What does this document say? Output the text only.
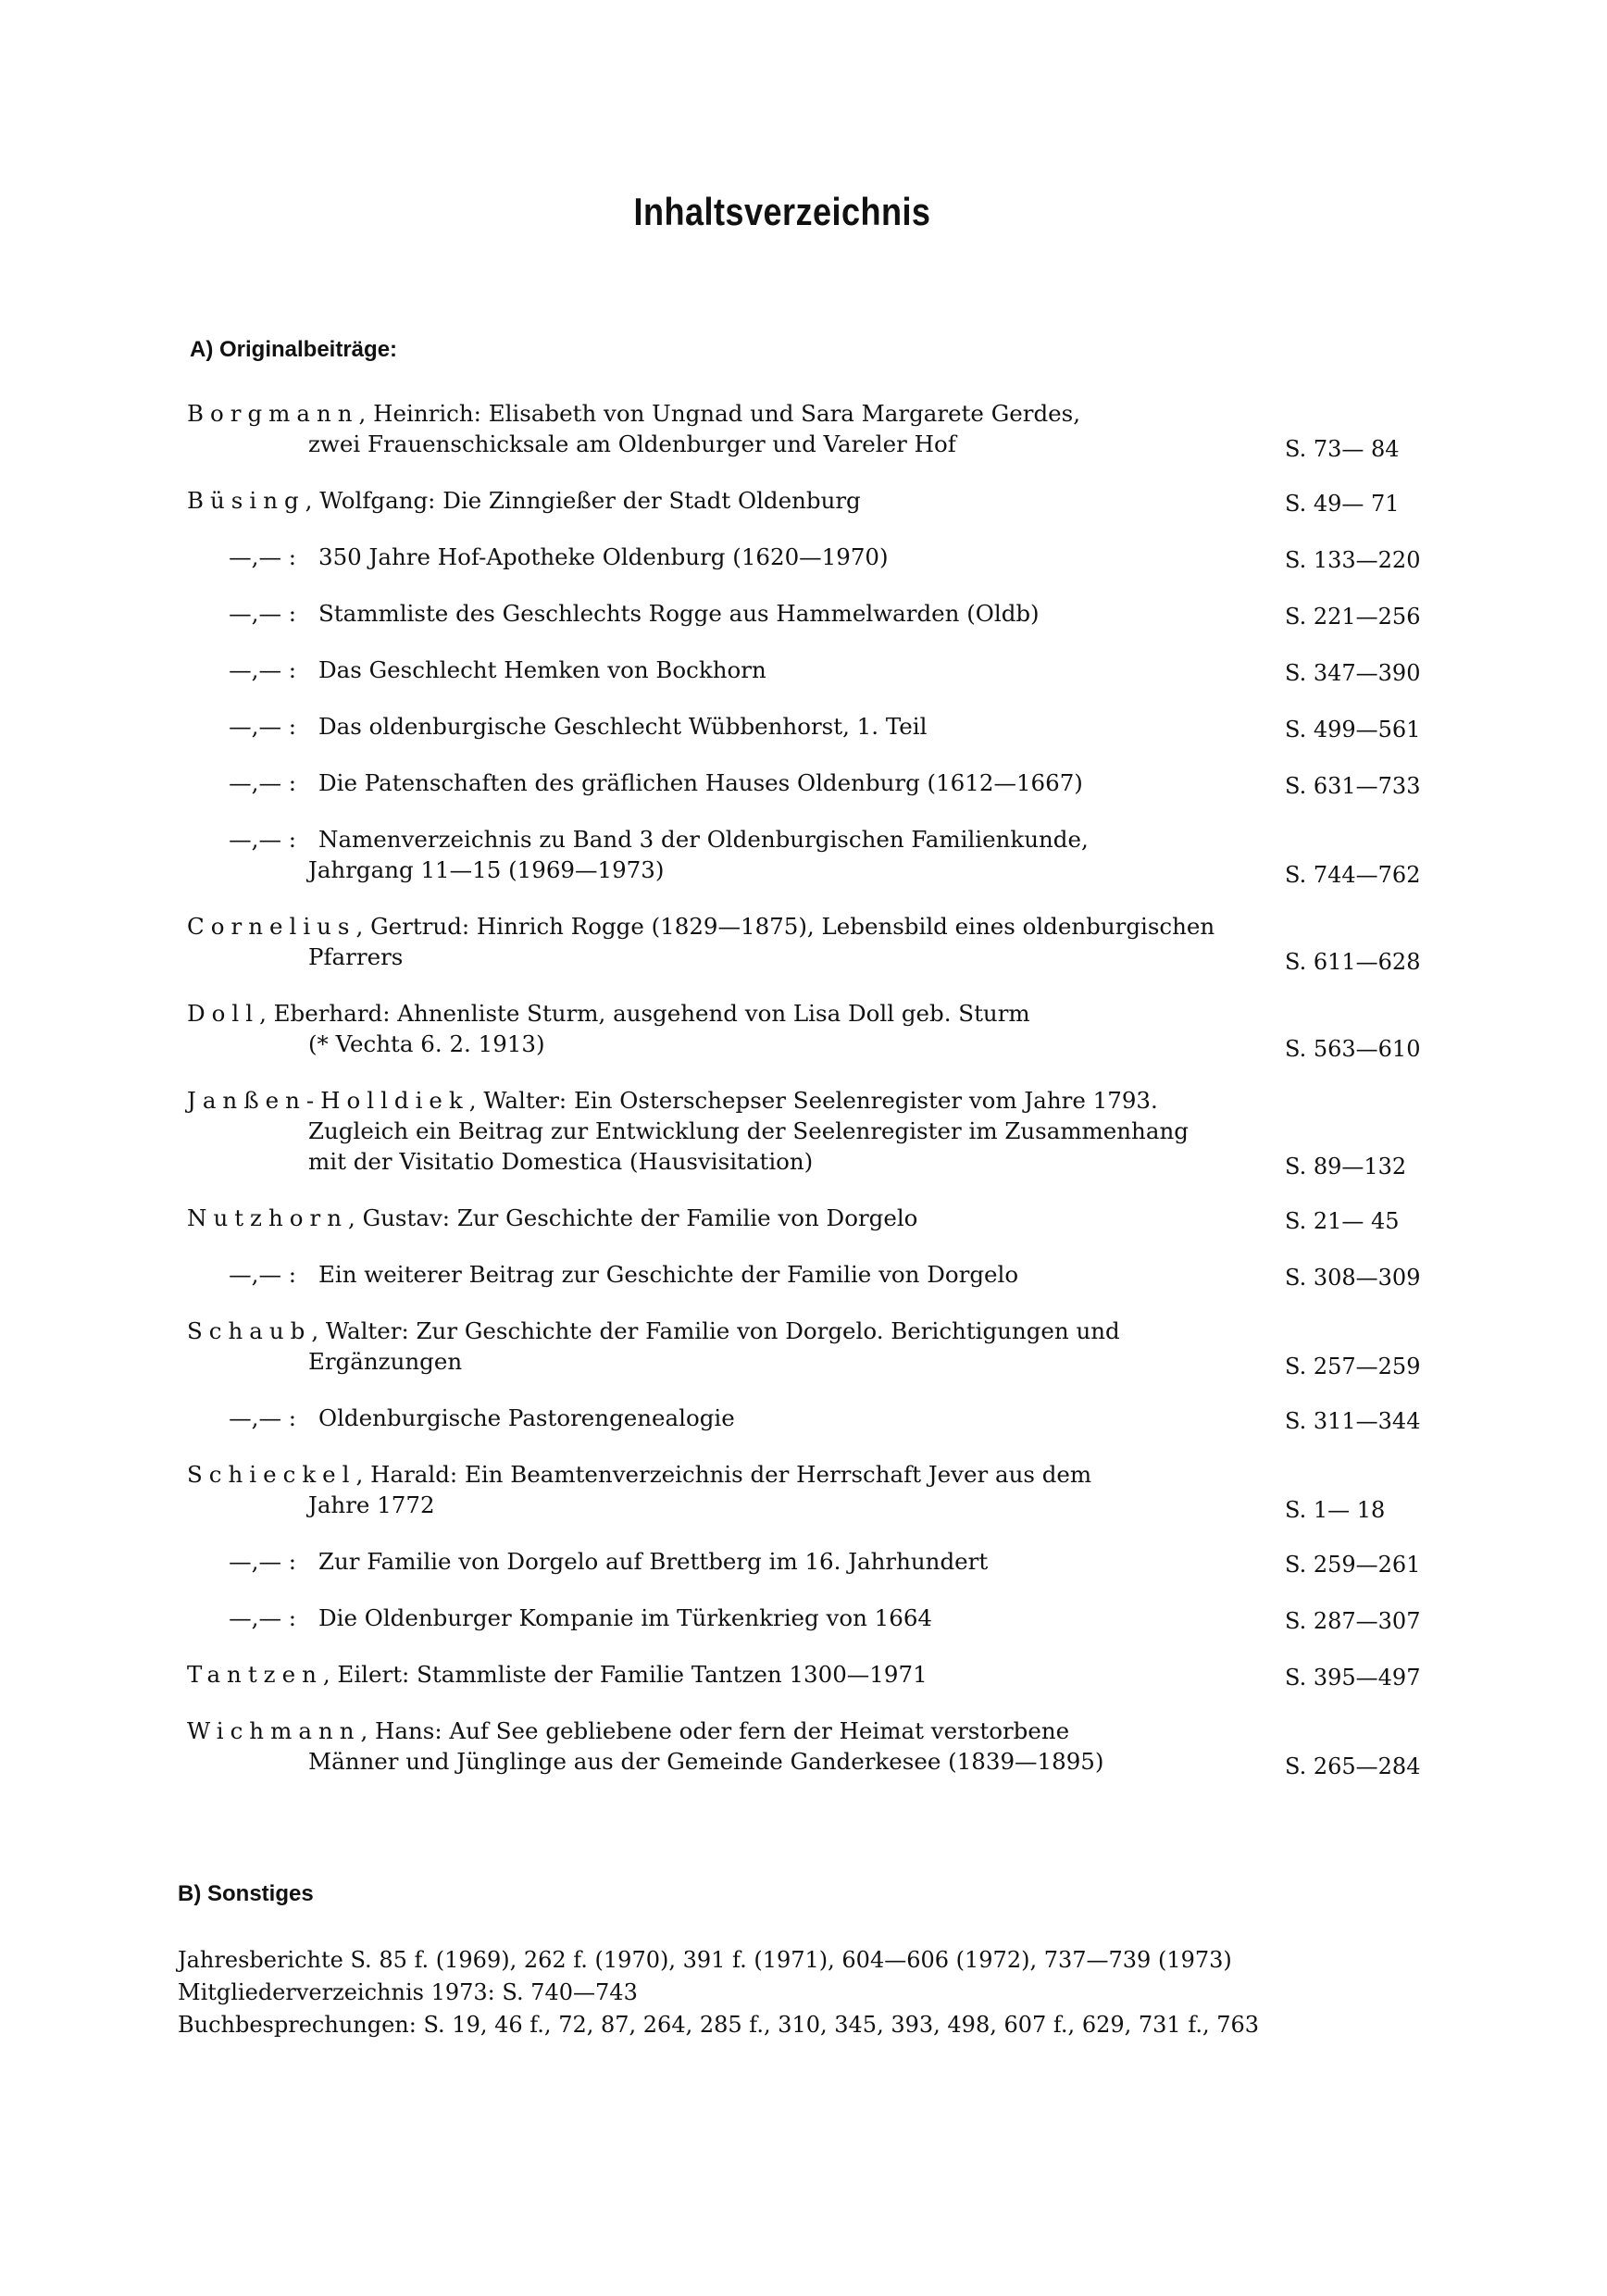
Inhaltsverzeichnis
A) Originalbeiträge:
Borgmann, Heinrich: Elisabeth von Ungnad und Sara Margarete Gerdes,
zwei Frauenschicksale am Oldenburger und Vareler Hof	S. 73— 84
Büsing, Wolfgang: Die Zinngießer der Stadt Oldenburg	S. 49— 71
—,— : 350 Jahre Hof-Apotheke Oldenburg (1620—1970)	S. 133—220
—,— : Stammliste des Geschlechts Rogge aus Hammelwarden (Oldb)	S. 221—256
—,— : Das Geschlecht Hemken von Bockhorn	S. 347—390
—,— : Das oldenburgische Geschlecht Wübbenhorst, 1. Teil	S. 499—561
—,— : Die Patenschaften des gräflichen Hauses Oldenburg (1612—1667)	S. 631—733
—,— : Namenverzeichnis zu Band 3 der Oldenburgischen Familienkunde,
Jahrgang 11—15 (1969—1973)	S. 744—762
Cornelius, Gertrud: Hinrich Rogge (1829—1875), Lebensbild eines oldenburgischen
Pfarrers	S. 611—628
Doll, Eberhard: Ahnenliste Sturm, ausgehend von Lisa Doll geb. Sturm
(* Vechta 6. 2. 1913)	S. 563—610
Janßen-Holldiek, Walter: Ein Osterschepser Seelenregister vom Jahre 1793.
Zugleich ein Beitrag zur Entwicklung der Seelenregister im Zusammenhang
mit der Visitatio Domestica (Hausvisitation)	S. 89—132
Nutzhorn, Gustav: Zur Geschichte der Familie von Dorgelo	S. 21— 45
—,— : Ein weiterer Beitrag zur Geschichte der Familie von Dorgelo	S. 308—309
Schaub, Walter: Zur Geschichte der Familie von Dorgelo. Berichtigungen und
Ergänzungen	S. 257—259
—,— : Oldenburgische Pastorengenealogie	S. 311—344
Schieckel, Harald: Ein Beamtenverzeichnis der Herrschaft Jever aus dem
Jahre 1772	S. 1— 18
—,— : Zur Familie von Dorgelo auf Brettberg im 16. Jahrhundert	S. 259—261
—,— : Die Oldenburger Kompanie im Türkenkrieg von 1664	S. 287—307
Tantzen, Eilert: Stammliste der Familie Tantzen 1300—1971	S. 395—497
Wichmann, Hans: Auf See gebliebene oder fern der Heimat verstorbene
Männer und Jünglinge aus der Gemeinde Ganderkesee (1839—1895)	S. 265—284
B) Sonstiges
Jahresberichte S. 85 f. (1969), 262 f. (1970), 391 f. (1971), 604—606 (1972), 737—739 (1973)
Mitgliederverzeichnis 1973: S. 740—743
Buchbesprechungen: S. 19, 46 f., 72, 87, 264, 285 f., 310, 345, 393, 498, 607 f., 629, 731 f., 763
